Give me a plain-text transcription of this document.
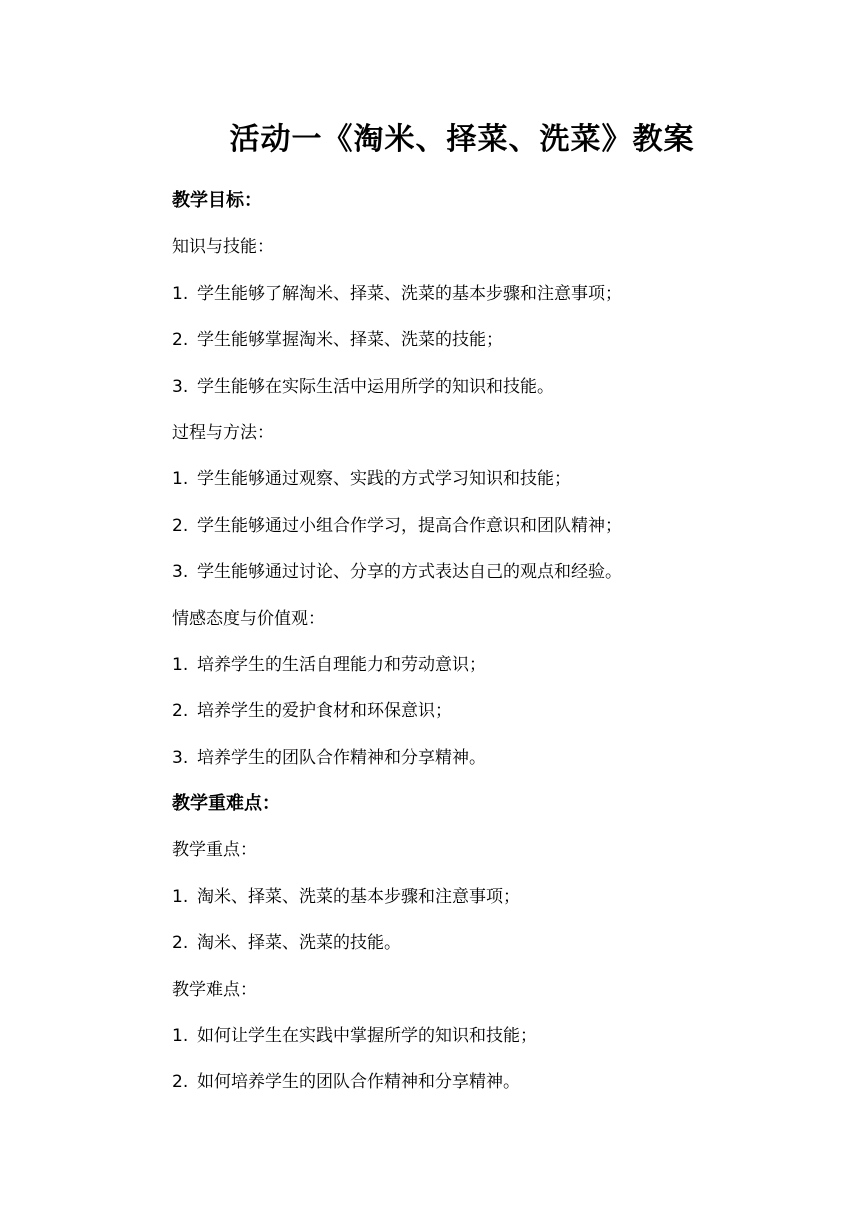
活动一《淘米、择菜、洗菜》教案
教学目标：
知识与技能：
1. 学生能够了解淘米、择菜、洗菜的基本步骤和注意事项；
2. 学生能够掌握淘米、择菜、洗菜的技能；
3. 学生能够在实际生活中运用所学的知识和技能。
过程与方法：
1. 学生能够通过观察、实践的方式学习知识和技能；
2. 学生能够通过小组合作学习，提高合作意识和团队精神；
3. 学生能够通过讨论、分享的方式表达自己的观点和经验。
情感态度与价值观：
1. 培养学生的生活自理能力和劳动意识；
2. 培养学生的爱护食材和环保意识；
3. 培养学生的团队合作精神和分享精神。
教学重难点：
教学重点：
1. 淘米、择菜、洗菜的基本步骤和注意事项；
2. 淘米、择菜、洗菜的技能。
教学难点：
1. 如何让学生在实践中掌握所学的知识和技能；
2. 如何培养学生的团队合作精神和分享精神。
